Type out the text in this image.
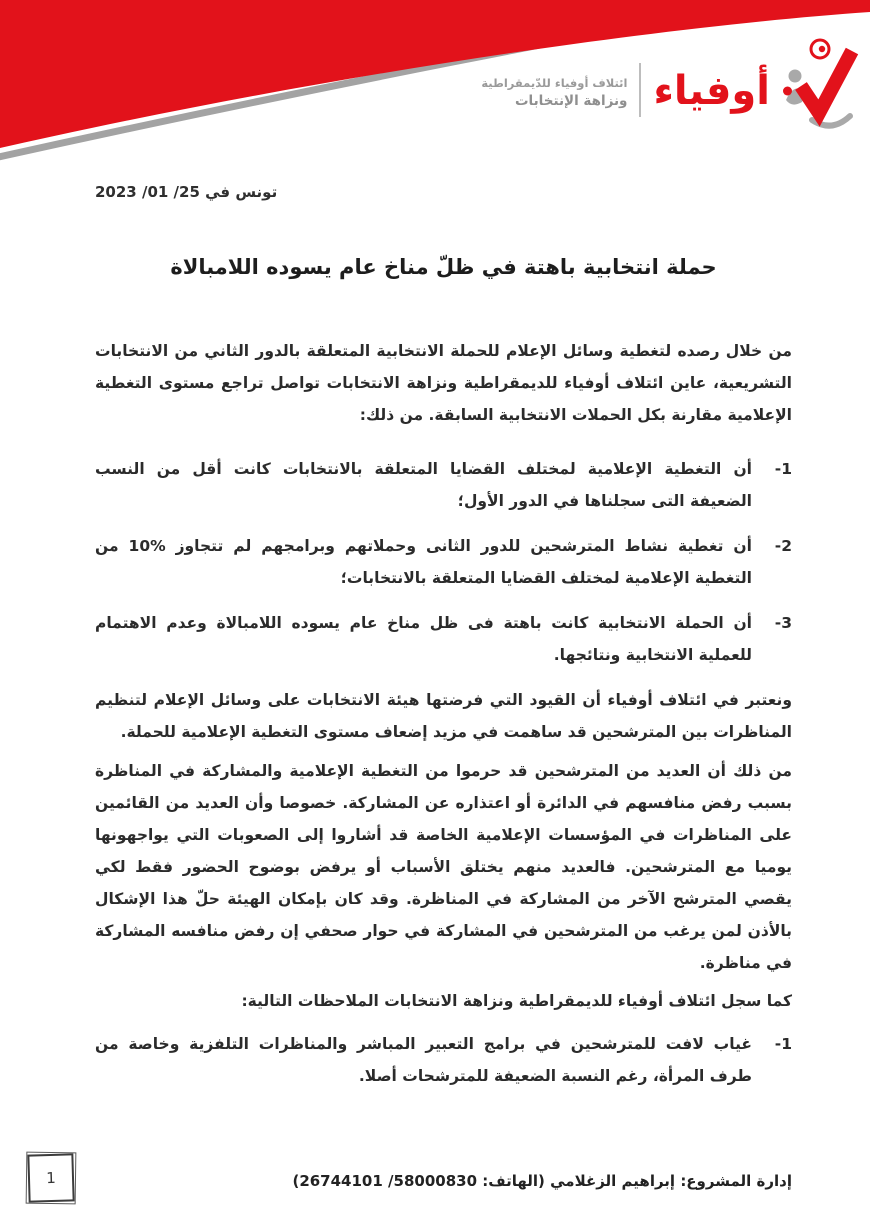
أوفياء
ائتلاف أوفياء للدّيمقراطية
ونزاهة الإنتخابات
تونس في 25/ 01/ 2023
حملة انتخابية باهتة في ظلّ مناخ عام يسوده اللامبالاة

من خلال رصده لتغطية وسائل الإعلام للحملة الانتخابية المتعلقة بالدور الثاني من الانتخابات التشريعية، عاين ائتلاف أوفياء للديمقراطية ونزاهة الانتخابات تواصل تراجع مستوى التغطية الإعلامية مقارنة بكل الحملات الانتخابية السابقة. من ذلك:

1-
أن التغطية الإعلامية لمختلف القضايا المتعلقة بالانتخابات كانت أقل من النسب الضعيفة التى سجلناها في الدور الأول؛
2-
أن تغطية نشاط المترشحين للدور الثانى وحملاتهم وبرامجهم لم تتجاوز %10 من التغطية الإعلامية لمختلف القضايا المتعلقة بالانتخابات؛
3-
أن الحملة الانتخابية كانت باهتة فى ظل مناخ عام يسوده اللامبالاة وعدم الاهتمام للعملية الانتخابية ونتائجها.

ونعتبر في ائتلاف أوفياء أن القيود التي فرضتها هيئة الانتخابات على وسائل الإعلام لتنظيم المناظرات بين المترشحين قد ساهمت في مزيد إضعاف مستوى التغطية الإعلامية للحملة.

من ذلك أن العديد من المترشحين قد حرموا من التغطية الإعلامية والمشاركة في المناظرة بسبب رفض منافسهم في الدائرة أو اعتذاره عن المشاركة. خصوصا وأن العديد من القائمين على المناظرات في المؤسسات الإعلامية الخاصة قد أشاروا إلى الصعوبات التي يواجهونها يوميا مع المترشحين. فالعديد منهم يختلق الأسباب أو يرفض بوضوح الحضور فقط لكي يقصي المترشح الآخر من المشاركة في المناظرة. وقد كان بإمكان الهيئة حلّ هذا الإشكال بالأذن لمن يرغب من المترشحين في المشاركة في حوار صحفي إن رفض منافسه المشاركة في مناظرة.

كما سجل ائتلاف أوفياء للديمقراطية ونزاهة الانتخابات الملاحظات التالية:

1-
غياب لافت للمترشحين في برامج التعبير المباشر والمناظرات التلفزية وخاصة من طرف المرأة، رغم النسبة الضعيفة للمترشحات أصلا.
إدارة المشروع: إبراهيم الزغلامي (الهاتف: 58000830/ 26744101)
1
